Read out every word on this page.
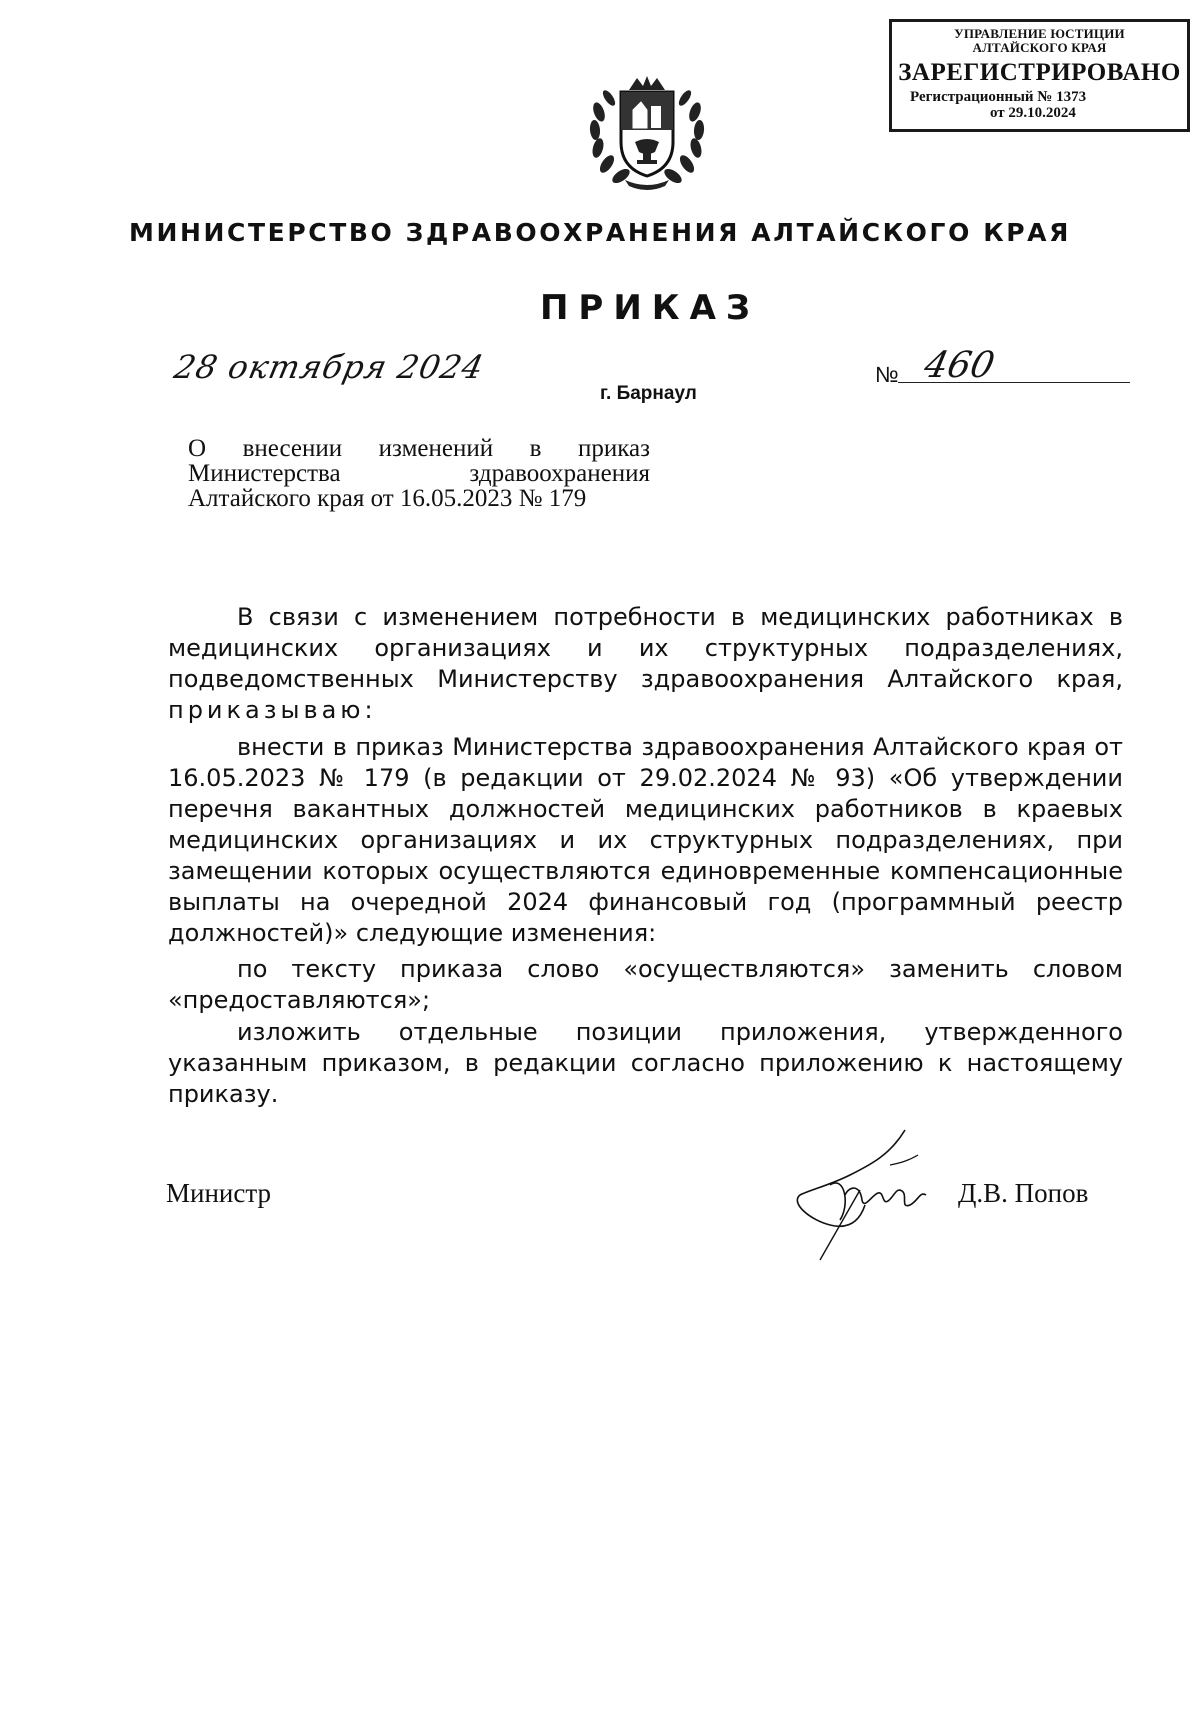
УПРАВЛЕНИЕ ЮСТИЦИИ
АЛТАЙСКОГО КРАЯ
ЗАРЕГИСТРИРОВАНО
Регистрационный № 1373
от 29.10.2024
МИНИСТЕРСТВО ЗДРАВООХРАНЕНИЯ АЛТАЙСКОГО КРАЯ
ПРИКАЗ
28 октября 2024	№ 460
г. Барнаул
О внесении изменений в приказ
Министерства здравоохранения
Алтайского края от 16.05.2023 № 179
В связи с изменением потребности в медицинских работниках в медицинских организациях и их структурных подразделениях, подведомственных Министерству здравоохранения Алтайского края, приказываю:
внести в приказ Министерства здравоохранения Алтайского края от 16.05.2023 № 179 (в редакции от 29.02.2024 № 93) «Об утверждении перечня вакантных должностей медицинских работников в краевых медицинских организациях и их структурных подразделениях, при замещении которых осуществляются единовременные компенсационные выплаты на очередной 2024 финансовый год (программный реестр должностей)» следующие изменения:
по тексту приказа слово «осуществляются» заменить словом «предоставляются»;
изложить отдельные позиции приложения, утвержденного указанным приказом, в редакции согласно приложению к настоящему приказу.
Министр	Д.В. Попов
